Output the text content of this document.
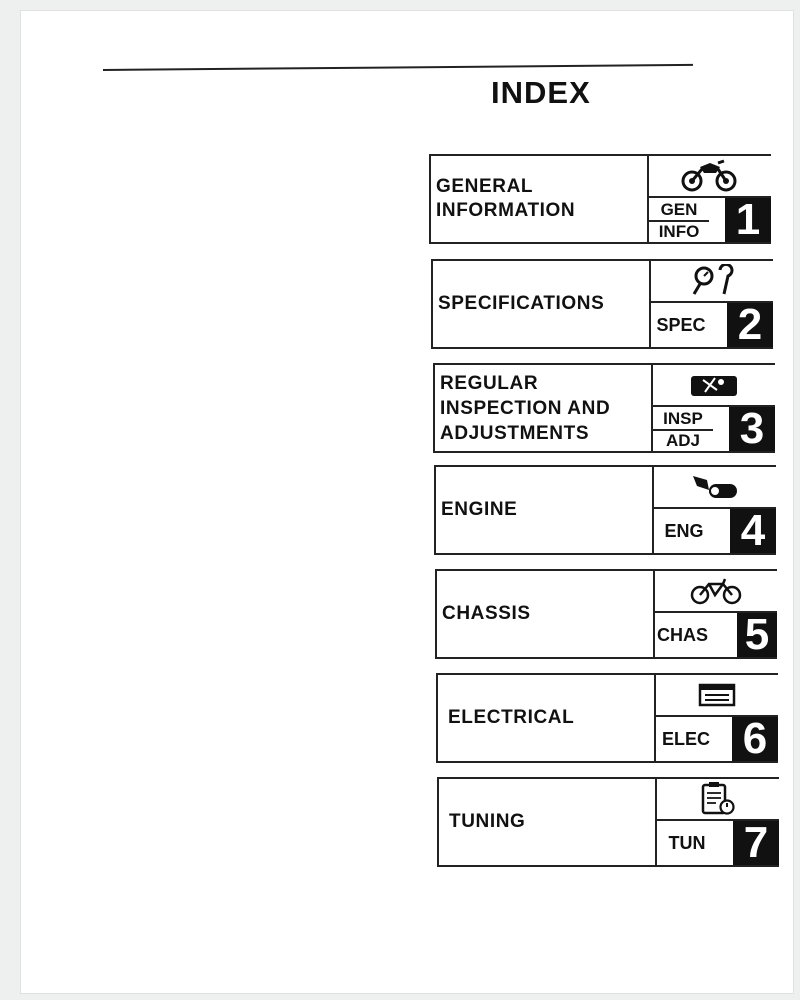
INDEX
GENERAL
INFORMATION	GEN
INFO 1
SPECIFICATIONS
SPEC 2
REGULAR
INSPECTION AND
ADJUSTMENTS
INSP
ADJ 3
ENGINE
ENG 4
CHASSIS
CHAS 5
ELECTRICAL
ELEC 6
TUNING
TUN 7
